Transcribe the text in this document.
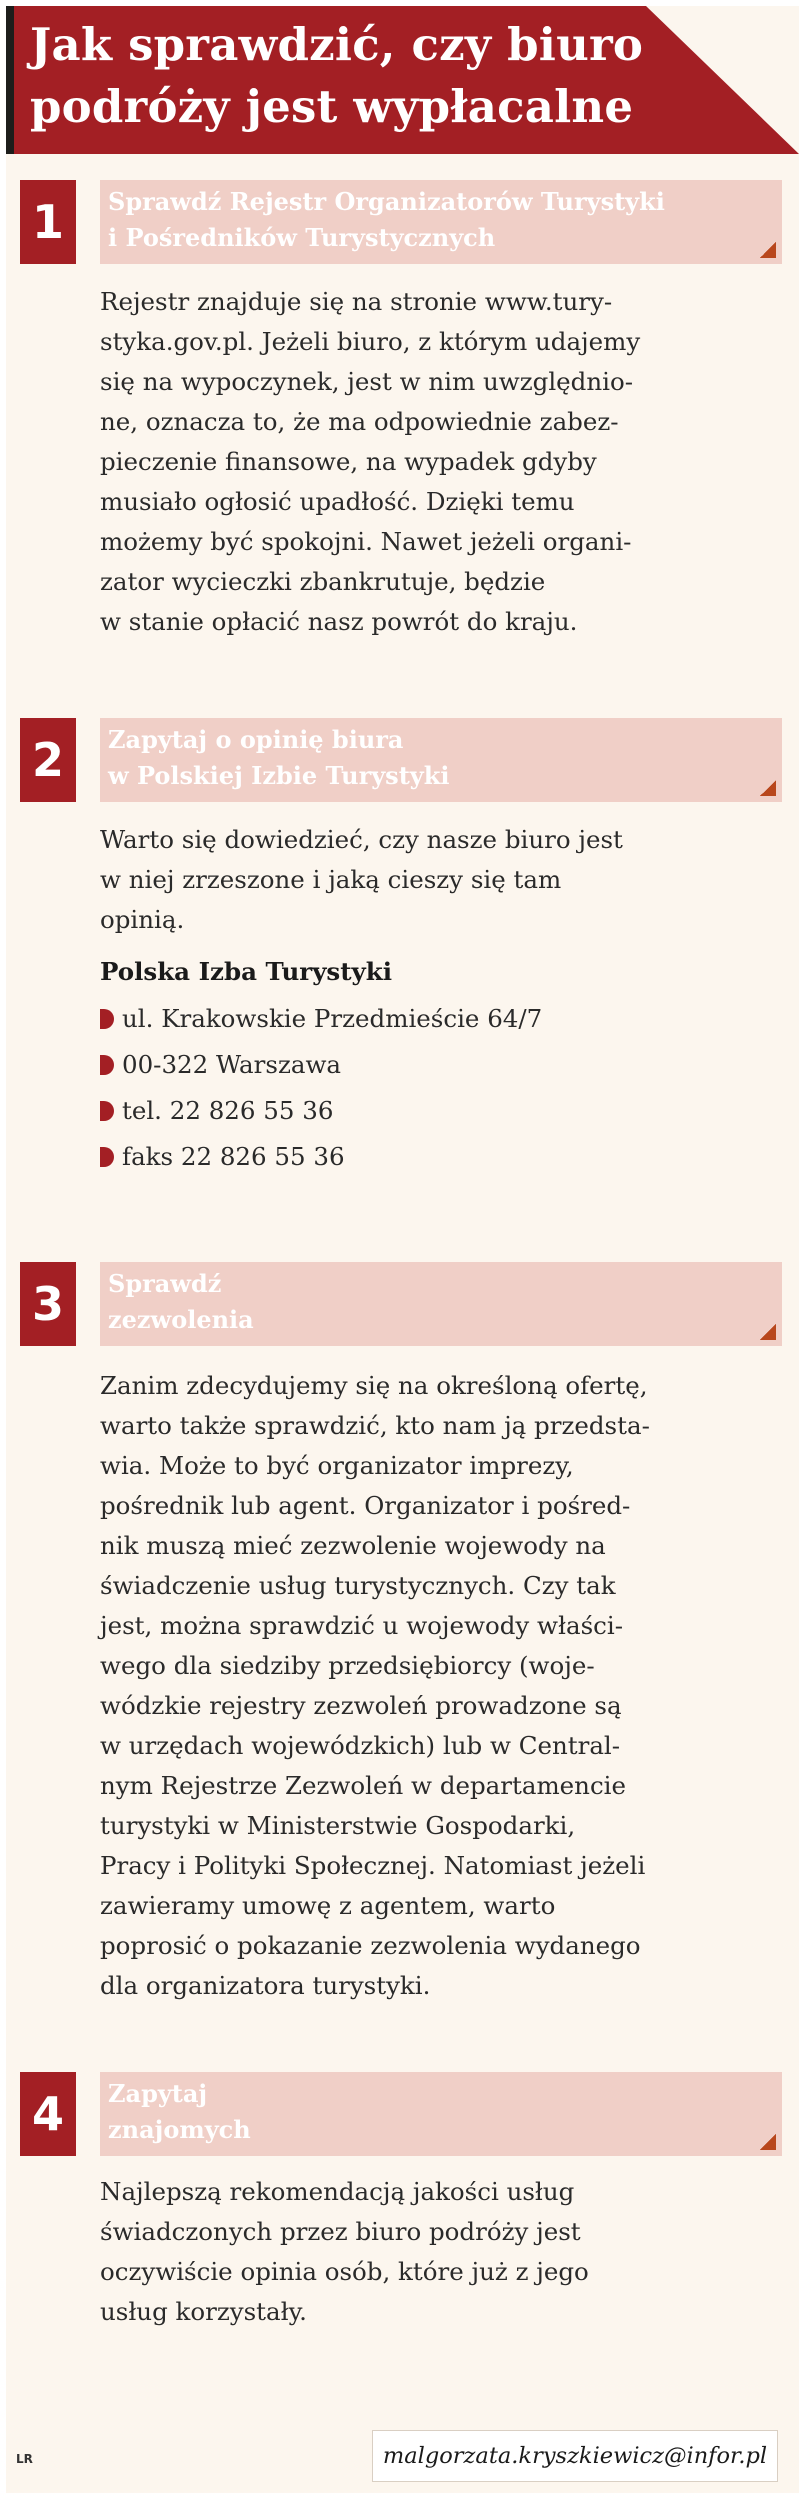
Jak sprawdzić, czy biuro
podróży jest wypłacalne
1	Sprawdź Rejestr Organizatorów Turystyki
i Pośredników Turystycznych

Rejestr znajduje się na stronie www.tury-
styka.gov.pl. Jeżeli biuro, z którym udajemy
się na wypoczynek, jest w nim uwzględnio-
ne, oznacza to, że ma odpowiednie zabez-
pieczenie finansowe, na wypadek gdyby
musiało ogłosić upadłość. Dzięki temu
możemy być spokojni. Nawet jeżeli organi-
zator wycieczki zbankrutuje, będzie
w stanie opłacić nasz powrót do kraju.

2	Zapytaj o opinię biura
w Polskiej Izbie Turystyki

Warto się dowiedzieć, czy nasze biuro jest
w niej zrzeszone i jaką cieszy się tam
opinią.

Polska Izba Turystyki

ul. Krakowskie Przedmieście 64/7
00-322 Warszawa
tel. 22 826 55 36
faks 22 826 55 36
3	Sprawdź
zezwolenia

Zanim zdecydujemy się na określoną ofertę,
warto także sprawdzić, kto nam ją przedsta-
wia. Może to być organizator imprezy,
pośrednik lub agent. Organizator i pośred-
nik muszą mieć zezwolenie wojewody na
świadczenie usług turystycznych. Czy tak
jest, można sprawdzić u wojewody właści-
wego dla siedziby przedsiębiorcy (woje-
wódzkie rejestry zezwoleń prowadzone są
w urzędach wojewódzkich) lub w Central-
nym Rejestrze Zezwoleń w departamencie
turystyki w Ministerstwie Gospodarki,
Pracy i Polityki Społecznej. Natomiast jeżeli
zawieramy umowę z agentem, warto
poprosić o pokazanie zezwolenia wydanego
dla organizatora turystyki.

4	Zapytaj
znajomych

Najlepszą rekomendacją jakości usług
świadczonych przez biuro podróży jest
oczywiście opinia osób, które już z jego
usług korzystały.

LR	malgorzata.kryszkiewicz@infor.pl
